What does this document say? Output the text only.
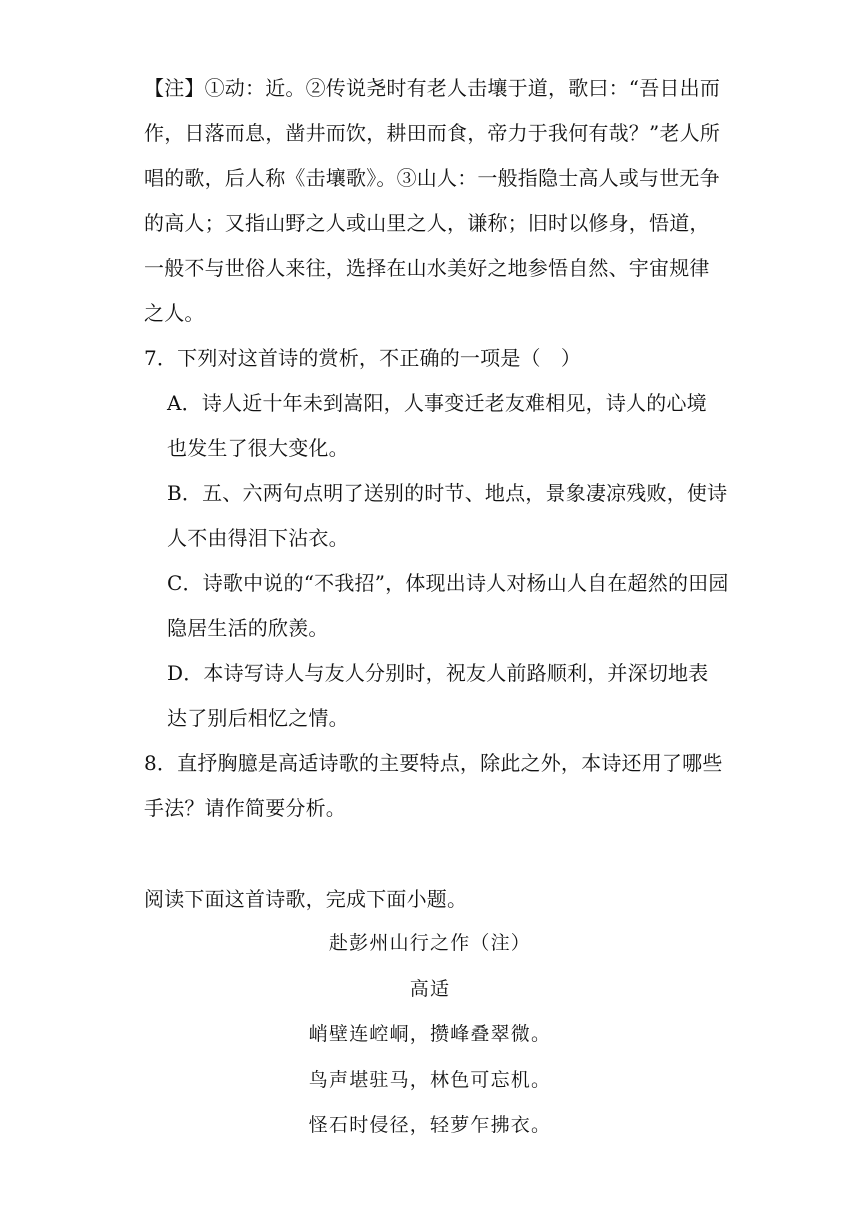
【注】①动：近。②传说尧时有老人击壤于道，歌曰：“吾日出而
作，日落而息，凿井而饮，耕田而食，帝力于我何有哉？”老人所
唱的歌，后人称《击壤歌》。③山人：一般指隐士高人或与世无争
的高人；又指山野之人或山里之人，谦称；旧时以修身，悟道，
一般不与世俗人来往，选择在山水美好之地参悟自然、宇宙规律
之人。
7．下列对这首诗的赏析，不正确的一项是（　）
A．诗人近十年未到嵩阳，人事变迁老友难相见，诗人的心境
也发生了很大变化。
B．五、六两句点明了送别的时节、地点，景象凄凉残败，使诗
人不由得泪下沾衣。
C．诗歌中说的“不我招”，体现出诗人对杨山人自在超然的田园
隐居生活的欣羡。
D．本诗写诗人与友人分别时，祝友人前路顺利，并深切地表
达了别后相忆之情。
8．直抒胸臆是高适诗歌的主要特点，除此之外，本诗还用了哪些
手法？请作简要分析。
阅读下面这首诗歌，完成下面小题。
赴彭州山行之作（注）
高适
峭壁连崆峒，攒峰叠翠微。
鸟声堪驻马，林色可忘机。
怪石时侵径，轻萝乍拂衣。
